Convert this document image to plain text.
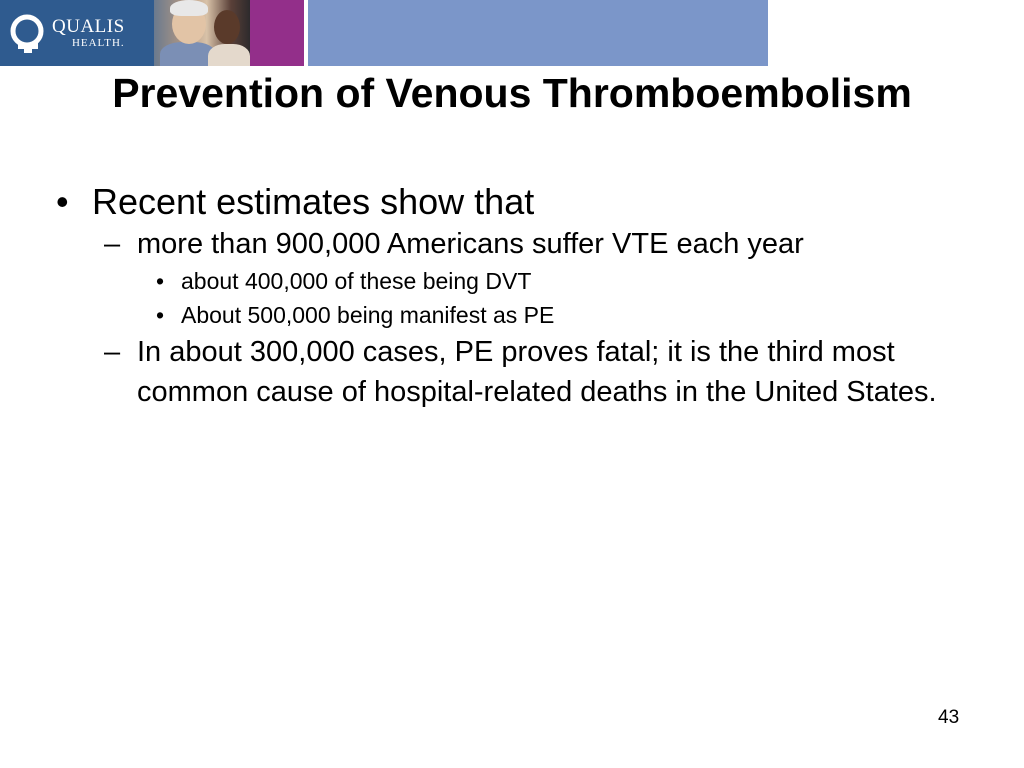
QUALIS
HEALTH.
Prevention of Venous Thromboembolism
• Recent estimates show that
– more than 900,000 Americans suffer VTE each year
• about 400,000 of these being DVT
• About 500,000 being manifest as PE
– In about 300,000 cases, PE proves fatal; it is the third most common cause of hospital-related deaths in the United States.
43
